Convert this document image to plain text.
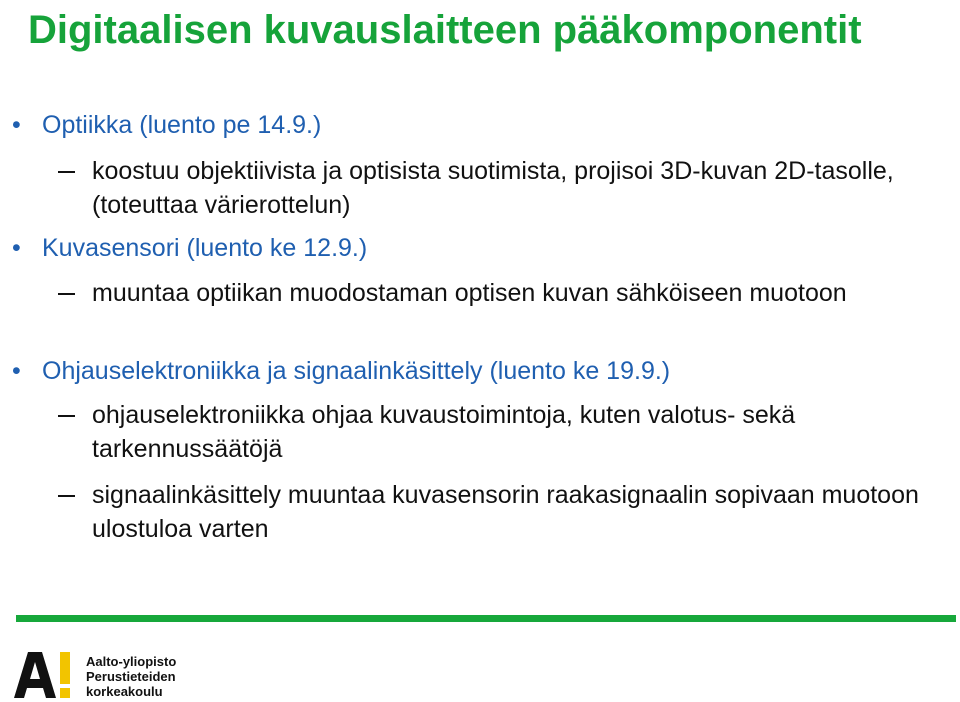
Digitaalisen kuvauslaitteen pääkomponentit
• Optiikka (luento pe 14.9.)
koostuu objektiivista ja optisista suotimista, projisoi 3D-kuvan 2D-tasolle, (toteuttaa värierottelun)
• Kuvasensori (luento ke 12.9.)
muuntaa optiikan muodostaman optisen kuvan sähköiseen muotoon
• Ohjauselektroniikka ja signaalinkäsittely (luento ke 19.9.)
ohjauselektroniikka ohjaa kuvaustoimintoja, kuten valotus- sekä tarkennussäätöjä
signaalinkäsittely muuntaa kuvasensorin raakasignaalin sopivaan muotoon ulostuloa varten
Aalto-yliopisto
Perustieteiden
korkeakoulu
